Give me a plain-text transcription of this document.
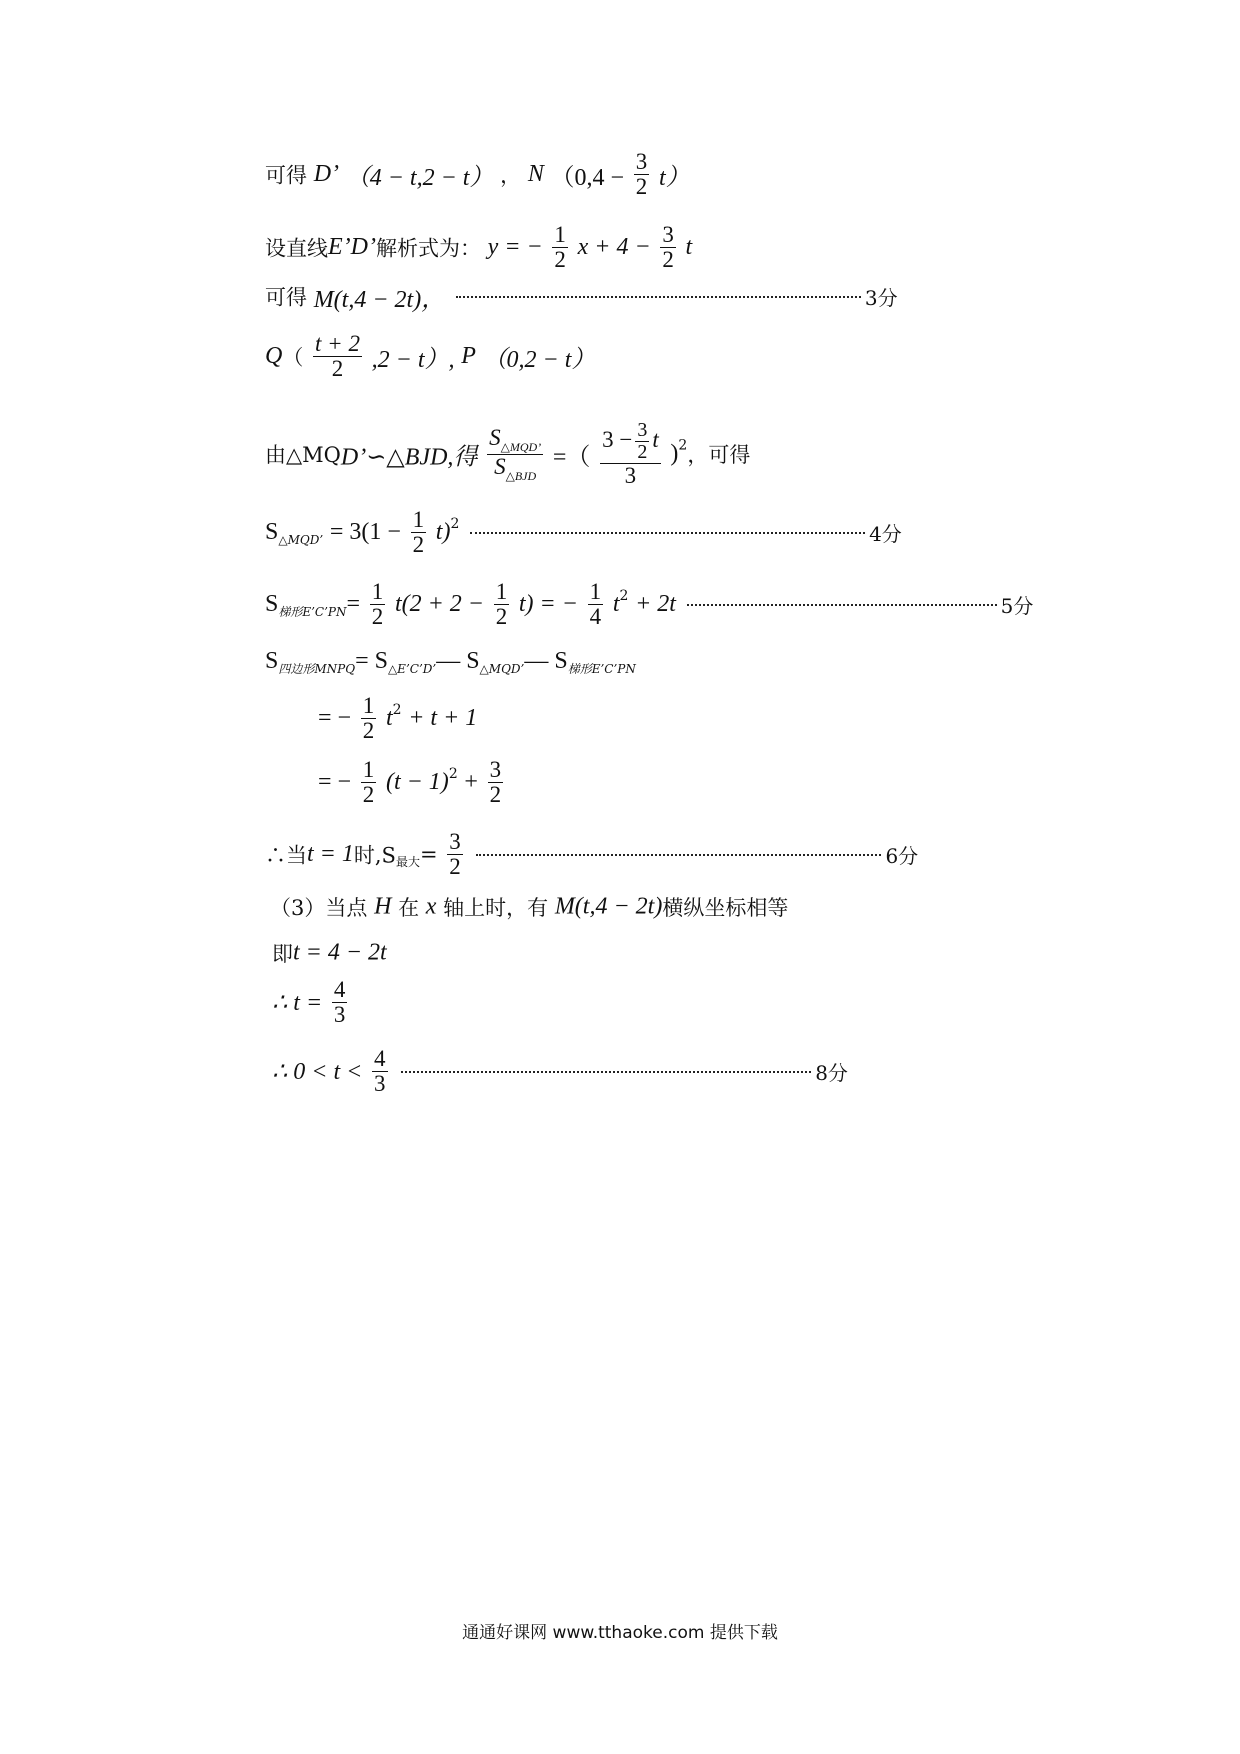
可得 D’ （4 − t,2 − t） ， N $(0,4 - \frac{3}{2} t)$
设直线E’D’解析式为： y = − $\frac{1}{2}$ $x + 4 - \frac{3}{2}$ t
可得 M(t,4 − 2t)，	3分
$Q( \frac{t + 2}{2} ,2 - t)$, P （0,2 − t）
由△MQD’∽△BJD,得 $\frac{S_{\triangle MQD’}}{S_{\triangle BJD}}$ =（ $\frac{3 - \frac{3}{2} t}{3} )^2$，可得
$S_{\triangle MQD’} = 3(1 - \frac{1}{2} t)^2$	4分
$S_{梯形E’C’PN}= \frac{1}{2} t(2 + 2 - \frac{1}{2} t)$ = − $\frac{1}{4} t^2 + 2t$	5分
$S_{四边形MNPQ}=$ $S_{\triangle E’C’D’}—$ $S_{\triangle MQD’}—$ $S_{梯形E’C’PN}$
= − $\frac{1}{2} t^2 + t + 1$
= − $\frac{1}{2} (t - 1)^2 + \frac{3}{2}$
∴当t = 1时$,S_{最大}= \frac{3}{2}$	6分
（3）当点 H 在 x 轴上时，有 M(t,4 − 2t)横纵坐标相等
即t = 4 − 2t
∴ $t = \frac{4}{3}$
∴ $0 < t < \frac{4}{3}$	8分
通通好课网 www.tthaoke.com 提供下载
